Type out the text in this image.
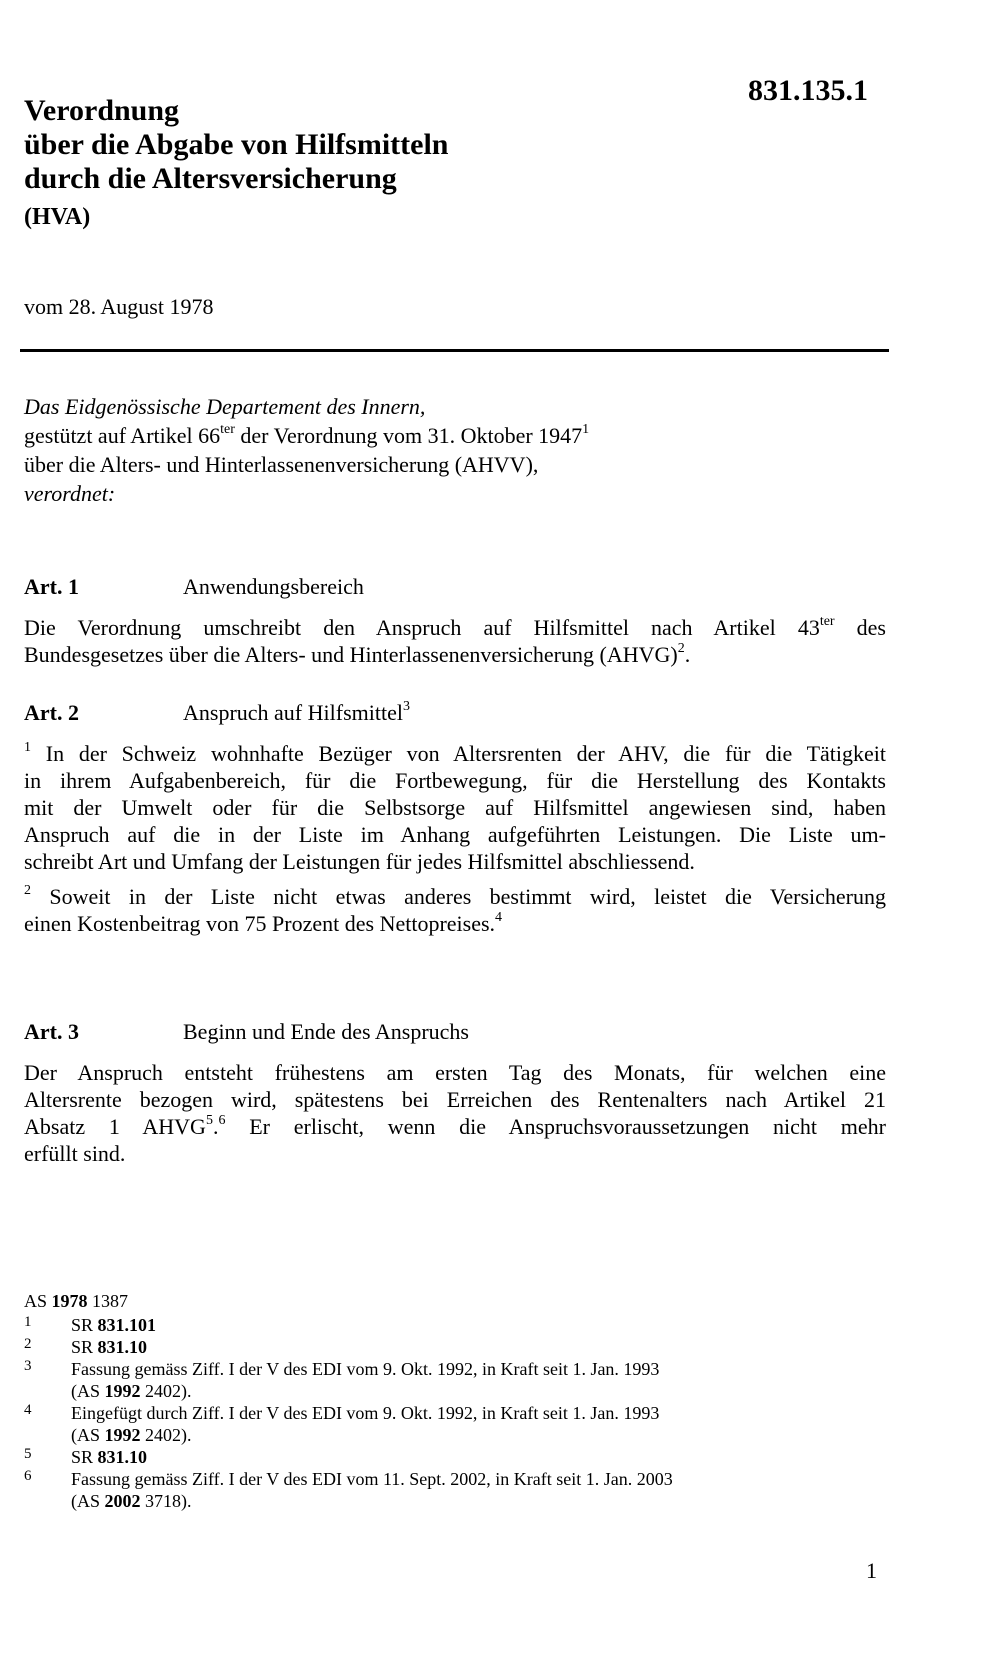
831.135.1
Verordnung
über die Abgabe von Hilfsmitteln
durch die Altersversicherung
(HVA)
vom 28. August 1978
Das Eidgenössische Departement des Innern,
gestützt auf Artikel $66^{ter}$ der Verordnung vom 31. Oktober 1947$^1$
über die Alters- und Hinterlassenenversicherung (AHVV),
verordnet:
Art. 1	Anwendungsbereich
Die Verordnung umschreibt den Anspruch auf Hilfsmittel nach Artikel $43^{ter}$ des
Bundesgesetzes über die Alters- und Hinterlassenenversicherung (AHVG)$^2$.
Art. 2	Anspruch auf Hilfsmittel$^3$

$^1$ In der Schweiz wohnhafte Bezüger von Altersrenten der AHV, die für die Tätigkeit
in ihrem Aufgabenbereich, für die Fortbewegung, für die Herstellung des Kontakts
mit der Umwelt oder für die Selbstsorge auf Hilfsmittel angewiesen sind, haben
Anspruch auf die in der Liste im Anhang aufgeführten Leistungen. Die Liste um-
schreibt Art und Umfang der Leistungen für jedes Hilfsmittel abschliessend.

$^2$ Soweit in der Liste nicht etwas anderes bestimmt wird, leistet die Versicherung
einen Kostenbeitrag von 75 Prozent des Nettopreises.$^4$

Art. 3	Beginn und Ende des Anspruchs
Der Anspruch entsteht frühestens am ersten Tag des Monats, für welchen eine
Altersrente bezogen wird, spätestens bei Erreichen des Rentenalters nach Artikel 21
Absatz 1 AHVG$^5$.$^6$ Er erlischt, wenn die Anspruchsvoraussetzungen nicht mehr
erfüllt sind.
AS 1978 1387
1 SR 831.101
2 SR 831.10
3 Fassung gemäss Ziff. I der V des EDI vom 9. Okt. 1992, in Kraft seit 1. Jan. 1993
(AS 1992 2402).
4 Eingefügt durch Ziff. I der V des EDI vom 9. Okt. 1992, in Kraft seit 1. Jan. 1993
(AS 1992 2402).
5 SR 831.10
6 Fassung gemäss Ziff. I der V des EDI vom 11. Sept. 2002, in Kraft seit 1. Jan. 2003
(AS 2002 3718).
1
